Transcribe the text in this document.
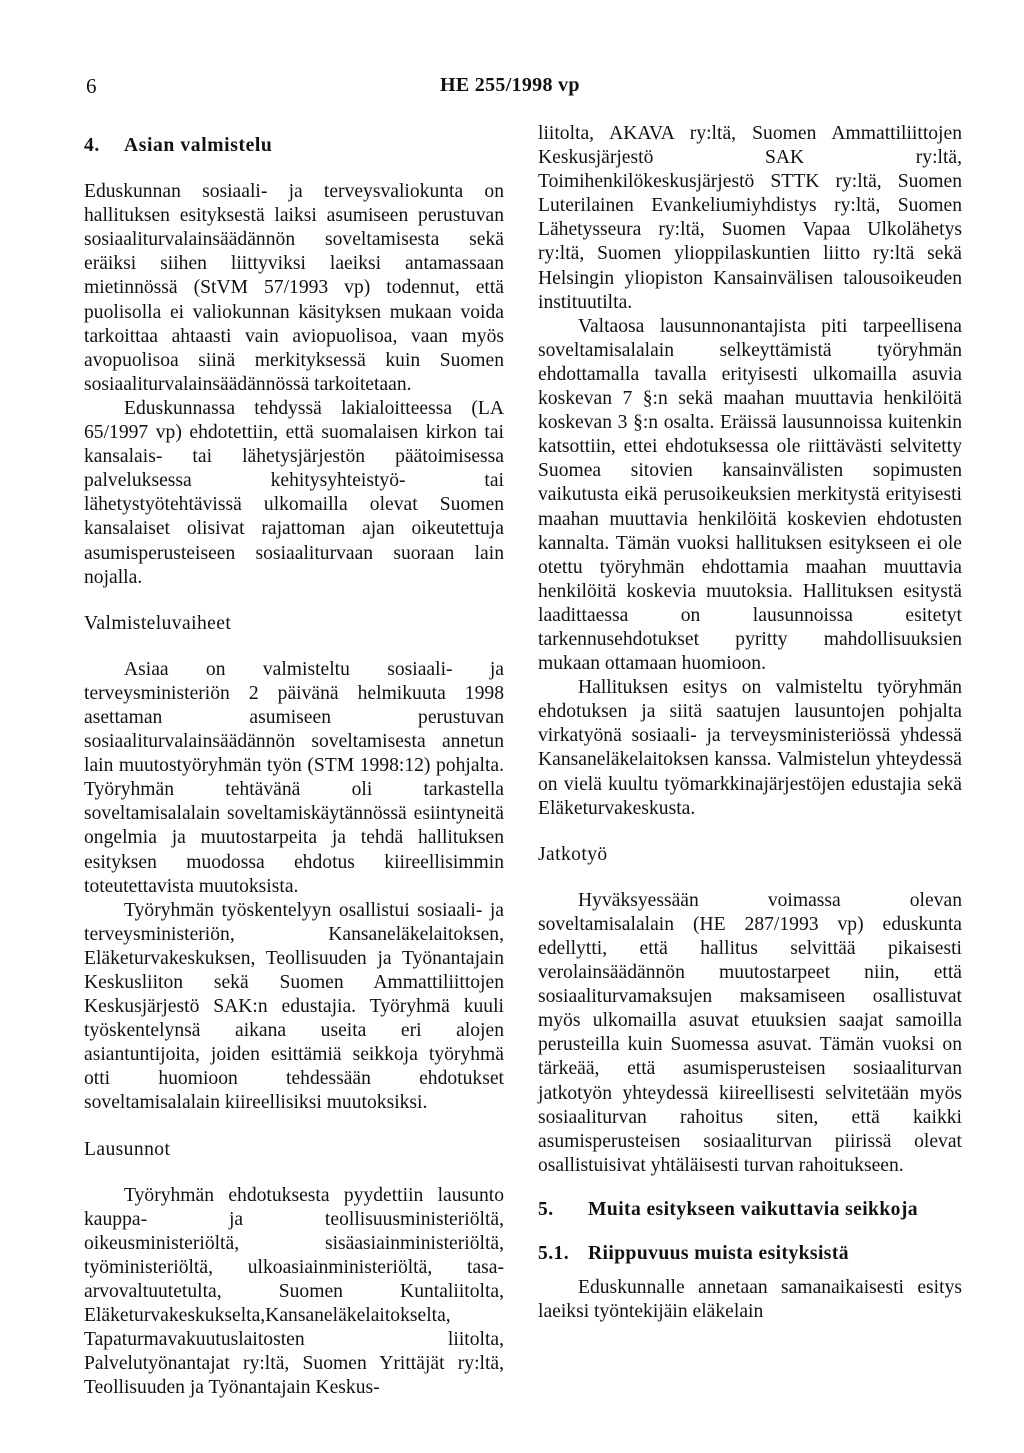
6	HE 255/1998 vp
4. Asian valmistelu

Eduskunnan sosiaali- ja terveysvaliokunta on hallituksen esityksestä laiksi asumiseen perustuvan sosiaaliturvalainsäädännön soveltamisesta sekä eräiksi siihen liittyviksi laeiksi antamassaan mietinnössä (StVM 57/1993 vp) todennut, että puolisolla ei valiokunnan käsityksen mukaan voida tarkoittaa ahtaasti vain aviopuolisoa, vaan myös avopuolisoa siinä merkityksessä kuin Suomen sosiaaliturvalainsäädännössä tarkoitetaan.

Eduskunnassa tehdyssä lakialoitteessa (LA 65/1997 vp) ehdotettiin, että suomalaisen kirkon tai kansalais- tai lähetysjärjestön päätoimisessa palveluksessa kehitysyhteistyö- tai lähetystyötehtävissä ulkomailla olevat Suomen kansalaiset olisivat rajattoman ajan oikeutettuja asumisperusteiseen sosiaaliturvaan suoraan lain nojalla.

Valmisteluvaiheet

Asiaa on valmisteltu sosiaali- ja terveysministeriön 2 päivänä helmikuuta 1998 asettaman asumiseen perustuvan sosiaaliturvalainsäädännön soveltamisesta annetun lain muutostyöryhmän työn (STM 1998:12) pohjalta. Työryhmän tehtävänä oli tarkastella soveltamisalalain soveltamiskäytännössä esiintyneitä ongelmia ja muutostarpeita ja tehdä hallituksen esityksen muodossa ehdotus kiireellisimmin toteutettavista muutoksista.

Työryhmän työskentelyyn osallistui sosiaali- ja terveysministeriön, Kansaneläkelaitoksen, Eläketurvakeskuksen, Teollisuuden ja Työnantajain Keskusliiton sekä Suomen Ammattiliittojen Keskusjärjestö SAK:n edustajia. Työryhmä kuuli työskentelynsä aikana useita eri alojen asiantuntijoita, joiden esittämiä seikkoja työryhmä otti huomioon tehdessään ehdotukset soveltamisalalain kiireellisiksi muutoksiksi.

Lausunnot

Työryhmän ehdotuksesta pyydettiin lausunto kauppa- ja teollisuusministeriöltä, oikeusministeriöltä, sisäasiainministeriöltä, työministeriöltä, ulkoasiainministeriöltä, tasa-arvovaltuutetulta, Suomen Kuntaliitolta, Eläketurvakeskukselta,Kansaneläkelaitokselta, Tapaturmavakuutuslaitosten liitolta, Palvelutyönantajat ry:ltä, Suomen Yrittäjät ry:ltä, Teollisuuden ja Työnantajain Keskus-

liitolta, AKAVA ry:ltä, Suomen Ammattiliittojen Keskusjärjestö SAK ry:ltä, Toimihenkilökeskusjärjestö STTK ry:ltä, Suomen Luterilainen Evankeliumiyhdistys ry:ltä, Suomen Lähetysseura ry:ltä, Suomen Vapaa Ulkolähetys ry:ltä, Suomen ylioppilaskuntien liitto ry:ltä sekä Helsingin yliopiston Kansainvälisen talousoikeuden instituutilta.

Valtaosa lausunnonantajista piti tarpeellisena soveltamisalalain selkeyttämistä työryhmän ehdottamalla tavalla erityisesti ulkomailla asuvia koskevan 7 §:n sekä maahan muuttavia henkilöitä koskevan 3 §:n osalta. Eräissä lausunnoissa kuitenkin katsottiin, ettei ehdotuksessa ole riittävästi selvitetty Suomea sitovien kansainvälisten sopimusten vaikutusta eikä perusoikeuksien merkitystä erityisesti maahan muuttavia henkilöitä koskevien ehdotusten kannalta. Tämän vuoksi hallituksen esitykseen ei ole otettu työryhmän ehdottamia maahan muuttavia henkilöitä koskevia muutoksia. Hallituksen esitystä laadittaessa on lausunnoissa esitetyt tarkennusehdotukset pyritty mahdollisuuksien mukaan ottamaan huomioon.

Hallituksen esitys on valmisteltu työryhmän ehdotuksen ja siitä saatujen lausuntojen pohjalta virkatyönä sosiaali- ja terveysministeriössä yhdessä Kansaneläkelaitoksen kanssa. Valmistelun yhteydessä on vielä kuultu työmarkkinajärjestöjen edustajia sekä Eläketurvakeskusta.

Jatkotyö

Hyväksyessään voimassa olevan soveltamisalalain (HE 287/1993 vp) eduskunta edellytti, että hallitus selvittää pikaisesti verolainsäädännön muutostarpeet niin, että sosiaaliturvamaksujen maksamiseen osallistuvat myös ulkomailla asuvat etuuksien saajat samoilla perusteilla kuin Suomessa asuvat. Tämän vuoksi on tärkeää, että asumisperusteisen sosiaaliturvan jatkotyön yhteydessä kiireellisesti selvitetään myös sosiaaliturvan rahoitus siten, että kaikki asumisperusteisen sosiaaliturvan piirissä olevat osallistuisivat yhtäläisesti turvan rahoitukseen.

5.	Muita esitykseen vaikuttavia seikkoja
5.1. Riippuvuus muista esityksistä

Eduskunnalle annetaan samanaikaisesti esitys laeiksi työntekijäin eläkelain
